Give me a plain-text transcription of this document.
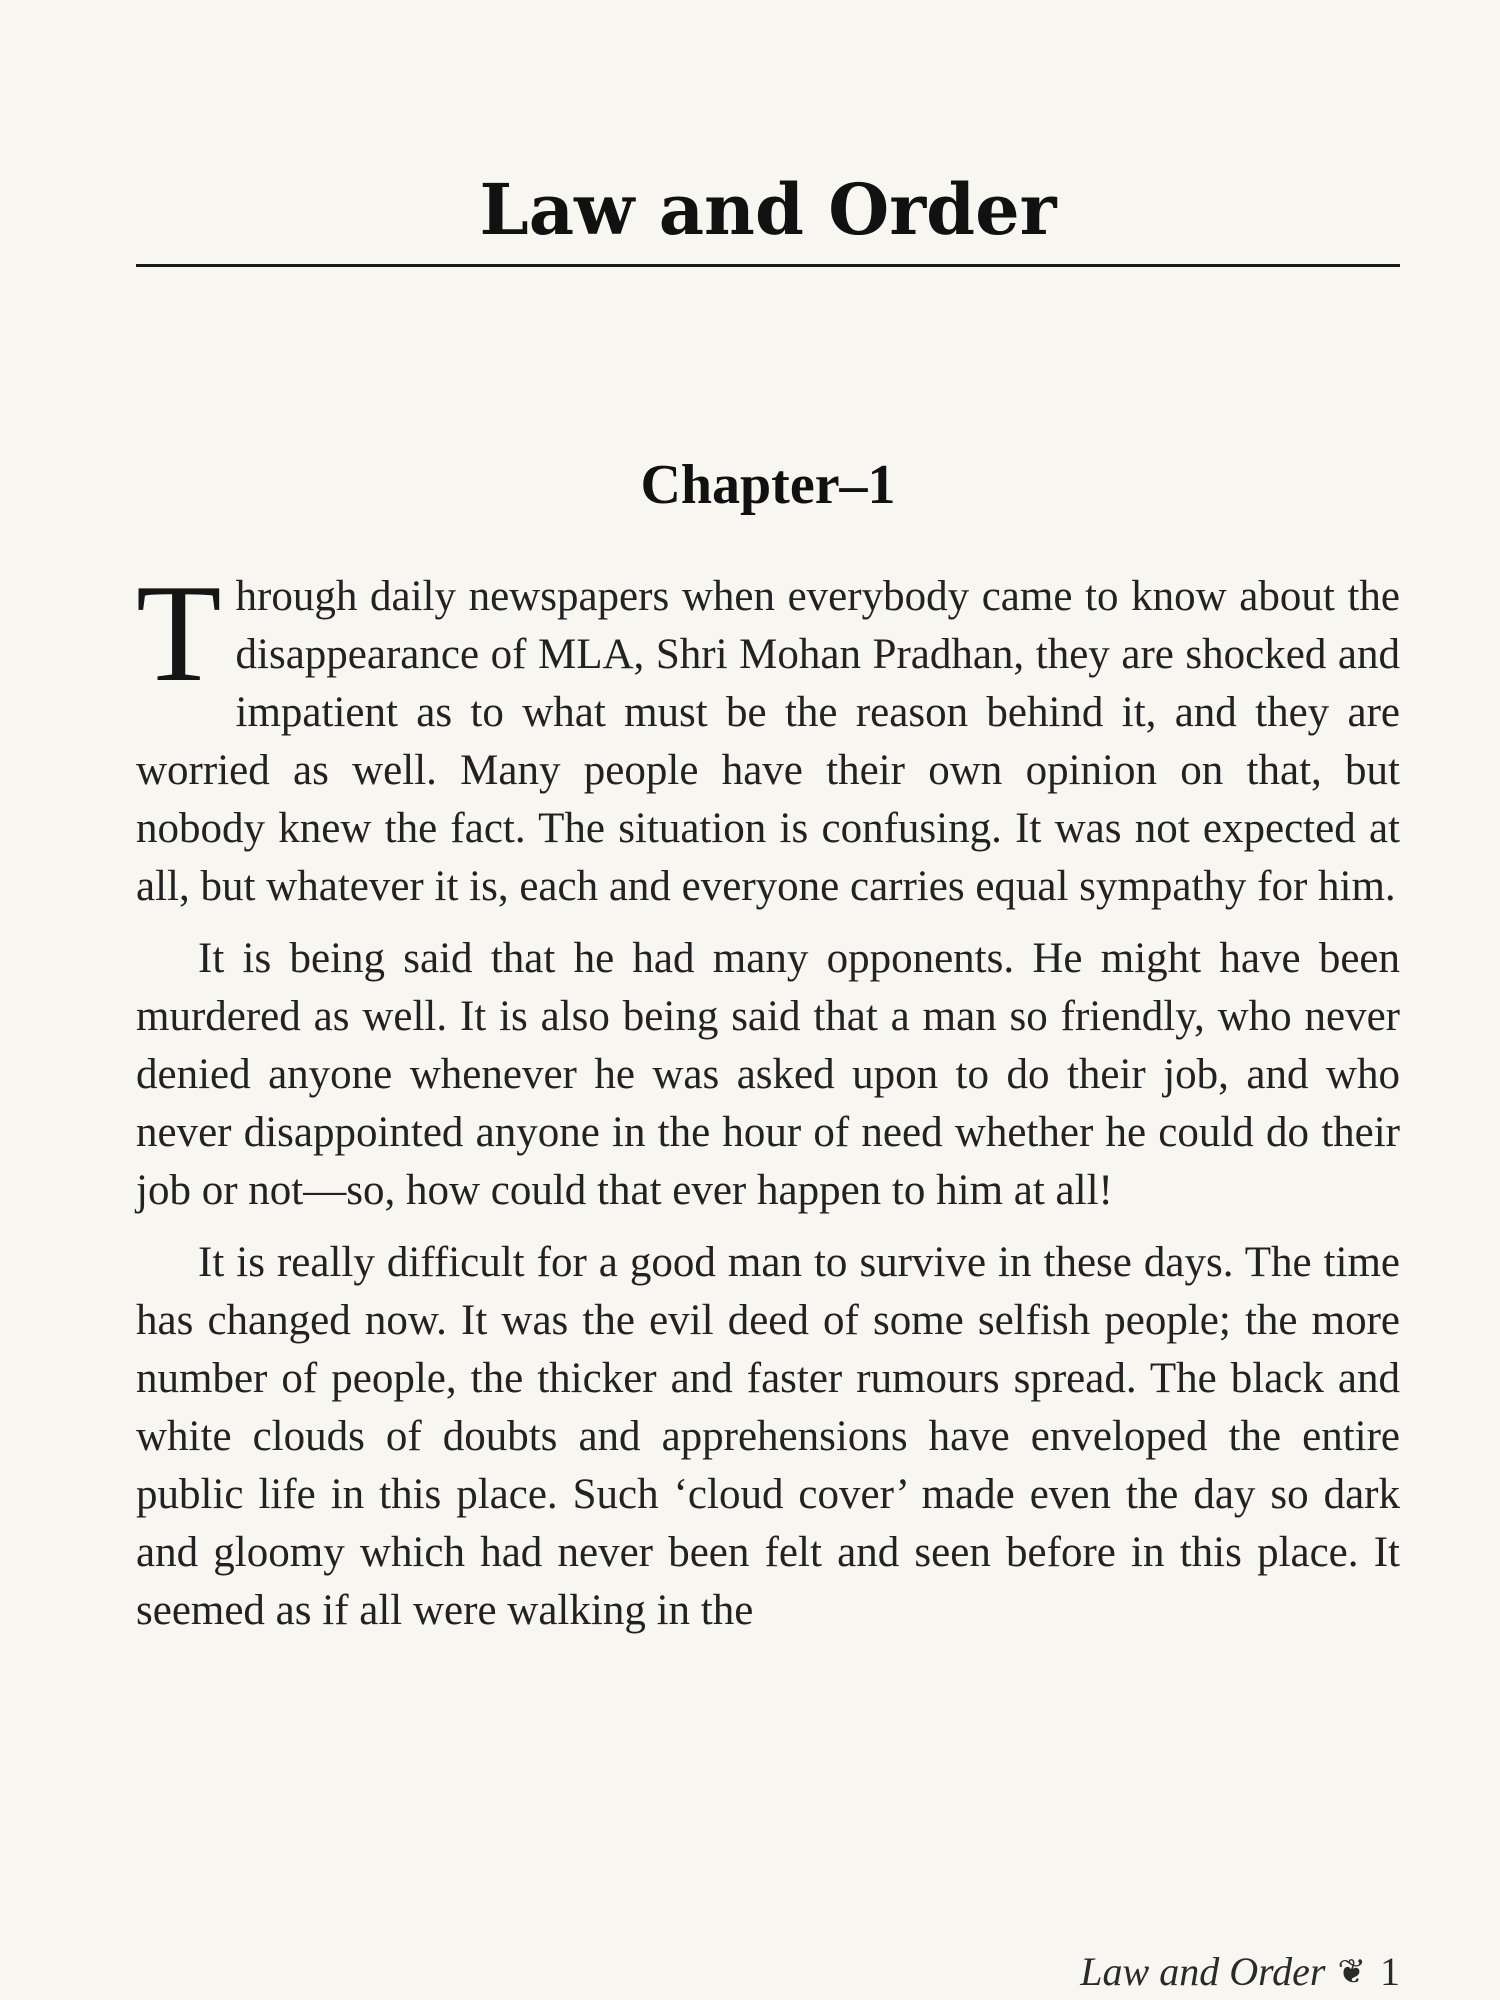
Law and Order
Chapter–1

Through daily newspapers when everybody came to know about the disappearance of MLA, Shri Mohan Pradhan, they are shocked and impatient as to what must be the reason behind it, and they are worried as well. Many people have their own opinion on that, but nobody knew the fact. The situation is confusing. It was not expected at all, but whatever it is, each and everyone carries equal sympathy for him.

It is being said that he had many opponents. He might have been murdered as well. It is also being said that a man so friendly, who never denied anyone whenever he was asked upon to do their job, and who never disappointed anyone in the hour of need whether he could do their job or not—so, how could that ever happen to him at all!

It is really difficult for a good man to survive in these days. The time has changed now. It was the evil deed of some selfish people; the more number of people, the thicker and faster rumours spread. The black and white clouds of doubts and apprehensions have enveloped the entire public life in this place. Such ‘cloud cover’ made even the day so dark and gloomy which had never been felt and seen before in this place. It seemed as if all were walking in the

Law and Order ❦ 1
